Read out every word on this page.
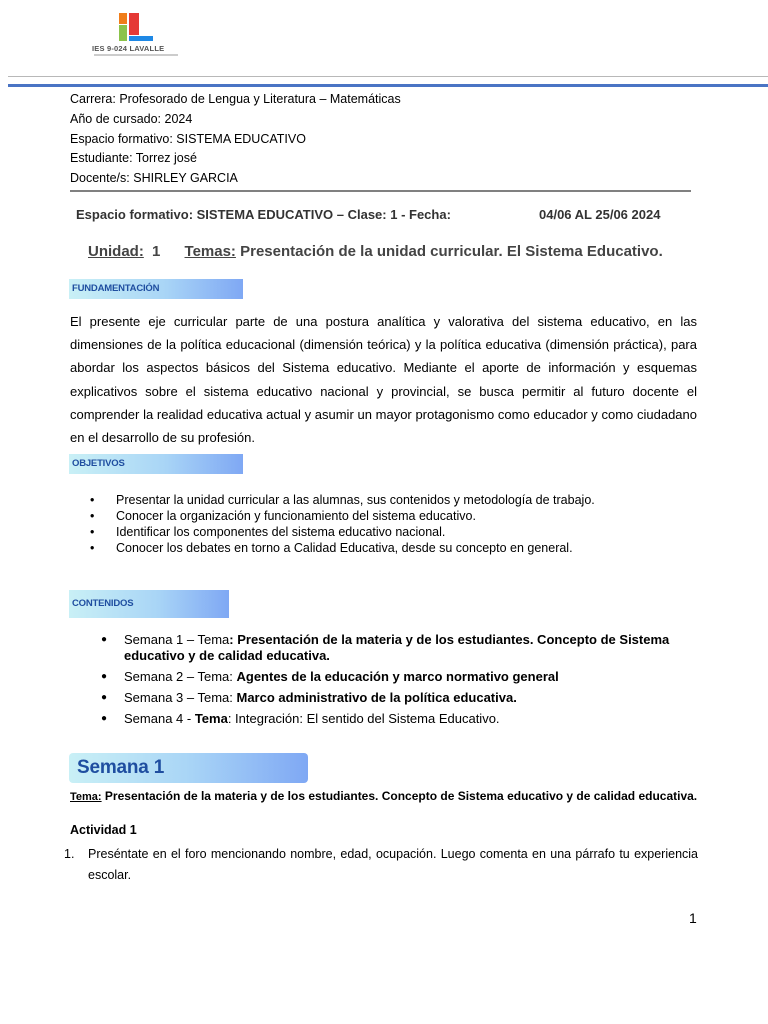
IES 9-024 LAVALLE
Carrera: Profesorado de Lengua y Literatura – Matemáticas
Año de cursado: 2024
Espacio formativo: SISTEMA EDUCATIVO
Estudiante: Torrez josé
Docente/s: SHIRLEY GARCIA
Espacio formativo: SISTEMA EDUCATIVO – Clase: 1 - Fecha:	04/06 AL 25/06 2024
Unidad: 1 Temas: Presentación de la unidad curricular. El Sistema Educativo.
FUNDAMENTACIÓN
El presente eje curricular parte de una postura analítica y valorativa del sistema educativo, en las dimensiones de la política educacional (dimensión teórica) y la política educativa (dimensión práctica), para abordar los aspectos básicos del Sistema educativo. Mediante el aporte de información y esquemas explicativos sobre el sistema educativo nacional y provincial, se busca permitir al futuro docente el comprender la realidad educativa actual y asumir un mayor protagonismo como educador y como ciudadano en el desarrollo de su profesión.
OBJETIVOS
• Presentar la unidad curricular a las alumnas, sus contenidos y metodología de trabajo.
• Conocer la organización y funcionamiento del sistema educativo.
• Identificar los componentes del sistema educativo nacional.
• Conocer los debates en torno a Calidad Educativa, desde su concepto en general.
CONTENIDOS
● Semana 1 – Tema: Presentación de la materia y de los estudiantes. Concepto de Sistema educativo y de calidad educativa.
● Semana 2 – Tema: Agentes de la educación y marco normativo general
● Semana 3 – Tema: Marco administrativo de la política educativa.
● Semana 4 - Tema: Integración: El sentido del Sistema Educativo.
Semana 1
Tema: Presentación de la materia y de los estudiantes. Concepto de Sistema educativo y de calidad educativa.
Actividad 1
1.	Preséntate en el foro mencionando nombre, edad, ocupación. Luego comenta en una párrafo tu experiencia escolar.
1
